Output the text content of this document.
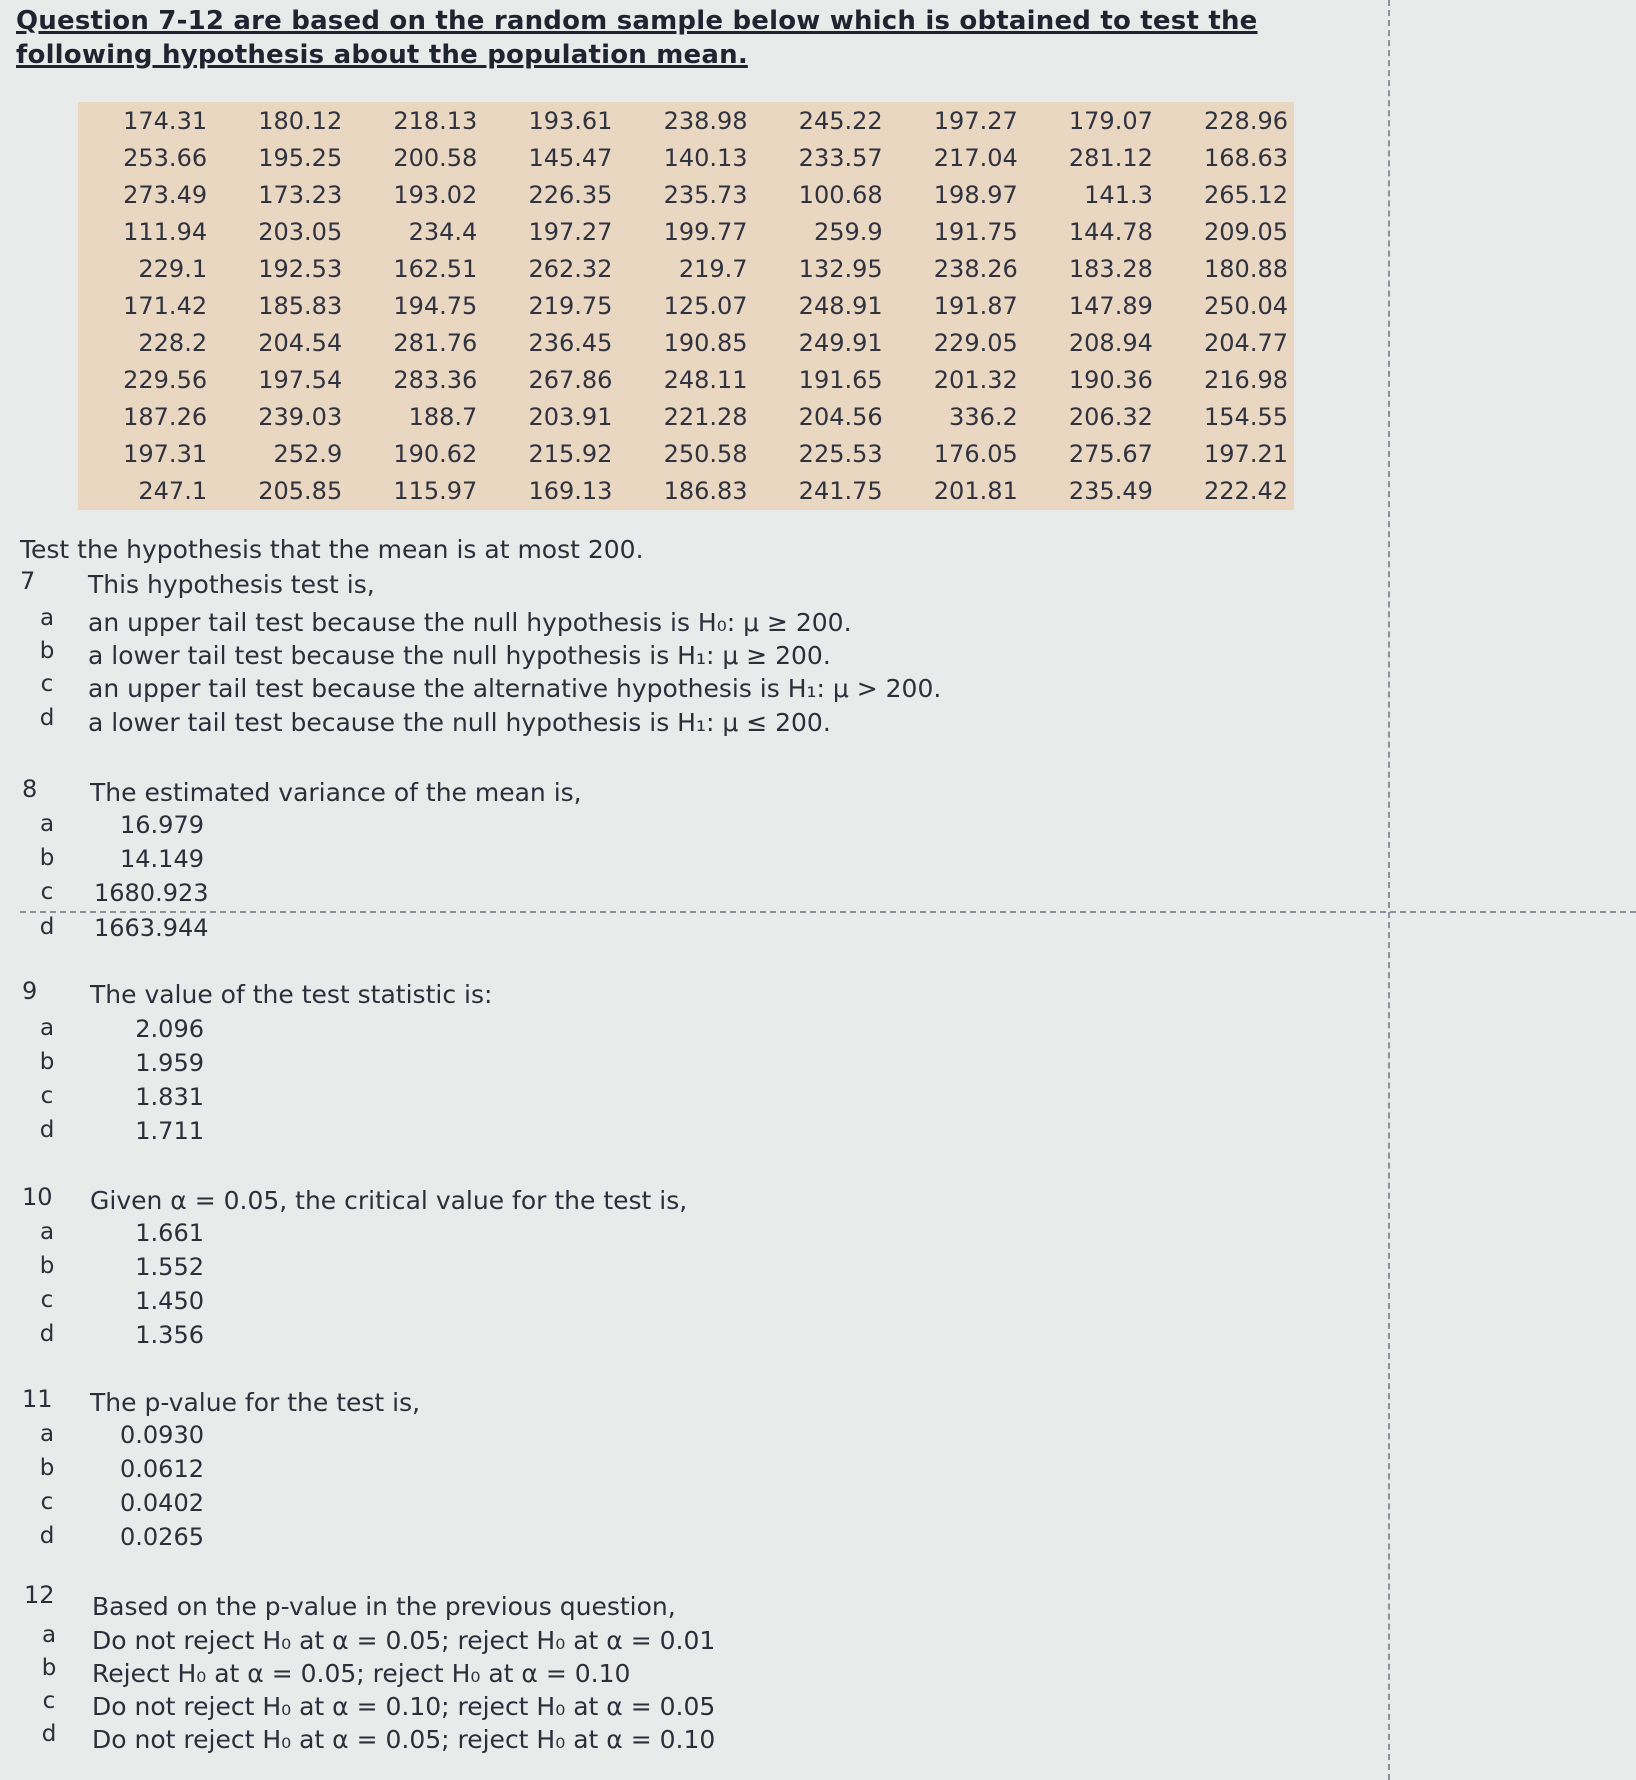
Question 7-12 are based on the random sample below which is obtained to test the
following hypothesis about the population mean.
174.31	180.12	218.13	193.61	238.98	245.22	197.27	179.07	228.96
253.66	195.25	200.58	145.47	140.13	233.57	217.04	281.12	168.63
273.49	173.23	193.02	226.35	235.73	100.68	198.97	141.3	265.12
111.94	203.05	234.4	197.27	199.77	259.9	191.75	144.78	209.05
229.1	192.53	162.51	262.32	219.7	132.95	238.26	183.28	180.88
171.42	185.83	194.75	219.75	125.07	248.91	191.87	147.89	250.04
228.2	204.54	281.76	236.45	190.85	249.91	229.05	208.94	204.77
229.56	197.54	283.36	267.86	248.11	191.65	201.32	190.36	216.98
187.26	239.03	188.7	203.91	221.28	204.56	336.2	206.32	154.55
197.31	252.9	190.62	215.92	250.58	225.53	176.05	275.67	197.21
247.1	205.85	115.97	169.13	186.83	241.75	201.81	235.49	222.42
Test the hypothesis that the mean is at most 200.
7 This hypothesis test is,
a an upper tail test because the null hypothesis is H₀: μ ≥ 200.
b a lower tail test because the null hypothesis is H₁: μ ≥ 200.
c an upper tail test because the alternative hypothesis is H₁: μ > 200.
d a lower tail test because the null hypothesis is H₁: μ ≤ 200.
8 The estimated variance of the mean is,
a	16.979
b	14.149
c 1680.923
d 1663.944
9 The value of the test statistic is:
a	2.096
b	1.959
c	1.831
d	1.711
10 Given α = 0.05, the critical value for the test is,
a	1.661
b	1.552
c	1.450
d	1.356
11 The p-value for the test is,
a	0.0930
b	0.0612
c	0.0402
d	0.0265
12 Based on the p-value in the previous question,
a Do not reject H₀ at α = 0.05; reject H₀ at α = 0.01
b Reject H₀ at α = 0.05; reject H₀ at α = 0.10
c Do not reject H₀ at α = 0.10; reject H₀ at α = 0.05
d Do not reject H₀ at α = 0.05; reject H₀ at α = 0.10
